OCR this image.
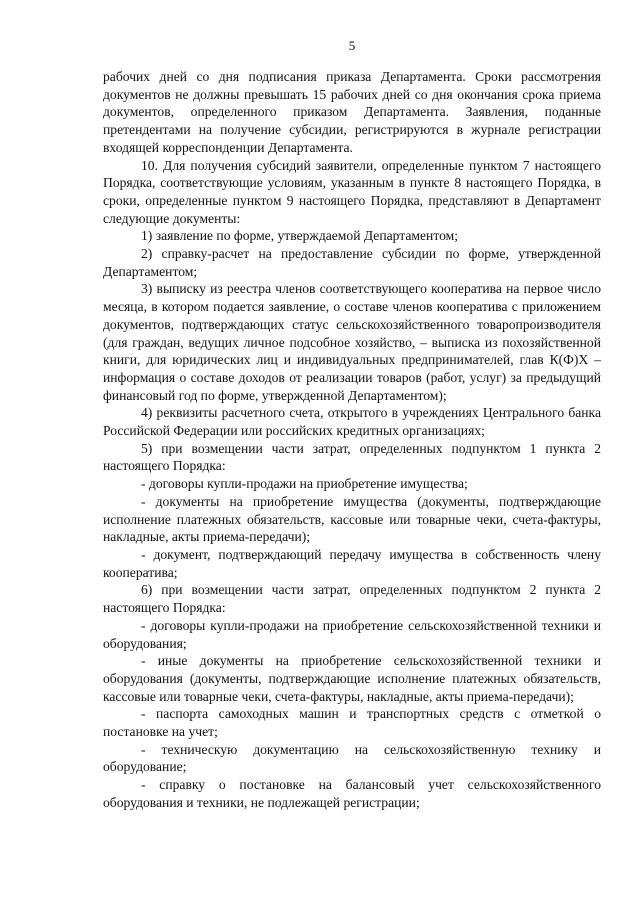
5

рабочих дней со дня подписания приказа Департамента. Сроки рассмотрения документов не должны превышать 15 рабочих дней со дня окончания срока приема документов, определенного приказом Департамента. Заявления, поданные претендентами на получение субсидии, регистрируются в журнале регистрации входящей корреспонденции Департамента.

10. Для получения субсидий заявители, определенные пунктом 7 настоящего Порядка, соответствующие условиям, указанным в пункте 8 настоящего Порядка, в сроки, определенные пунктом 9 настоящего Порядка, представляют в Департамент следующие документы:

1) заявление по форме, утверждаемой Департаментом;

2) справку-расчет на предоставление субсидии по форме, утвержденной Департаментом;

3) выписку из реестра членов соответствующего кооператива на первое число месяца, в котором подается заявление, о составе членов кооператива с приложением документов, подтверждающих статус сельскохозяйственного товаропроизводителя (для граждан, ведущих личное подсобное хозяйство, – выписка из похозяйственной книги, для юридических лиц и индивидуальных предпринимателей, глав К(Ф)Х – информация о составе доходов от реализации товаров (работ, услуг) за предыдущий финансовый год по форме, утвержденной Департаментом);

4) реквизиты расчетного счета, открытого в учреждениях Центрального банка Российской Федерации или российских кредитных организациях;

5) при возмещении части затрат, определенных подпунктом 1 пункта 2 настоящего Порядка:

- договоры купли-продажи на приобретение имущества;

- документы на приобретение имущества (документы, подтверждающие исполнение платежных обязательств, кассовые или товарные чеки, счета-фактуры, накладные, акты приема-передачи);

- документ, подтверждающий передачу имущества в собственность члену кооператива;

6) при возмещении части затрат, определенных подпунктом 2 пункта 2 настоящего Порядка:

- договоры купли-продажи на приобретение сельскохозяйственной техники и оборудования;

- иные документы на приобретение сельскохозяйственной техники и оборудования (документы, подтверждающие исполнение платежных обязательств, кассовые или товарные чеки, счета-фактуры, накладные, акты приема-передачи);

- паспорта самоходных машин и транспортных средств с отметкой о постановке на учет;

- техническую документацию на сельскохозяйственную технику и оборудование;

- справку о постановке на балансовый учет сельскохозяйственного оборудования и техники, не подлежащей регистрации;
